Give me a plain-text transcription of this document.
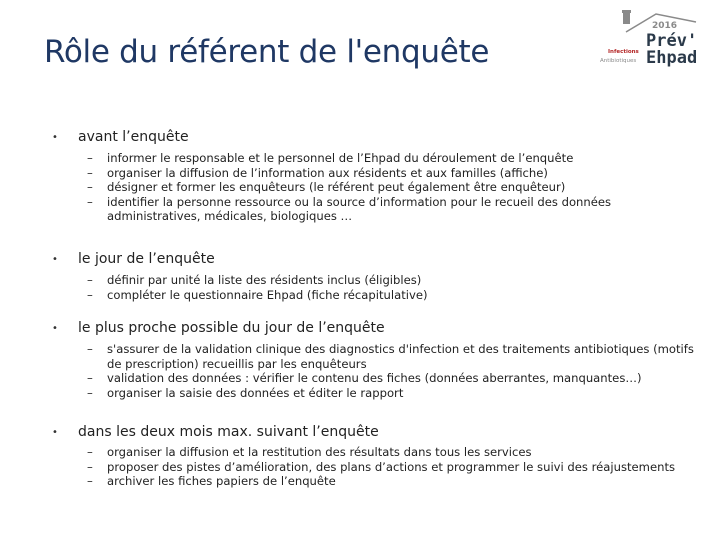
Rôle du référent de l'enquête
2016
Prév'
Ehpad
Infections
Antibiotiques
• avant l’enquête
–	informer le responsable et le personnel de l’Ehpad du déroulement de l’enquête
–	organiser la diffusion de l’information aux résidents et aux familles (affiche)
–	désigner et former les enquêteurs (le référent peut également être enquêteur)
–	identifier la personne ressource ou la source d’information pour le recueil des données administratives, médicales, biologiques …
• le jour de l’enquête
–	définir par unité la liste des résidents inclus (éligibles)
–	compléter le questionnaire Ehpad (fiche récapitulative)
• le plus proche possible du jour de l’enquête
–	s'assurer de la validation clinique des diagnostics d'infection et des traitements antibiotiques (motifs de prescription) recueillis par les enquêteurs
–	validation des données : vérifier le contenu des fiches (données aberrantes, manquantes…)
–	organiser la saisie des données et éditer le rapport
• dans les deux mois max. suivant l’enquête
–	organiser la diffusion et la restitution des résultats dans tous les services
–	proposer des pistes d’amélioration, des plans d’actions et programmer le suivi des réajustements
–	archiver les fiches papiers de l’enquête
